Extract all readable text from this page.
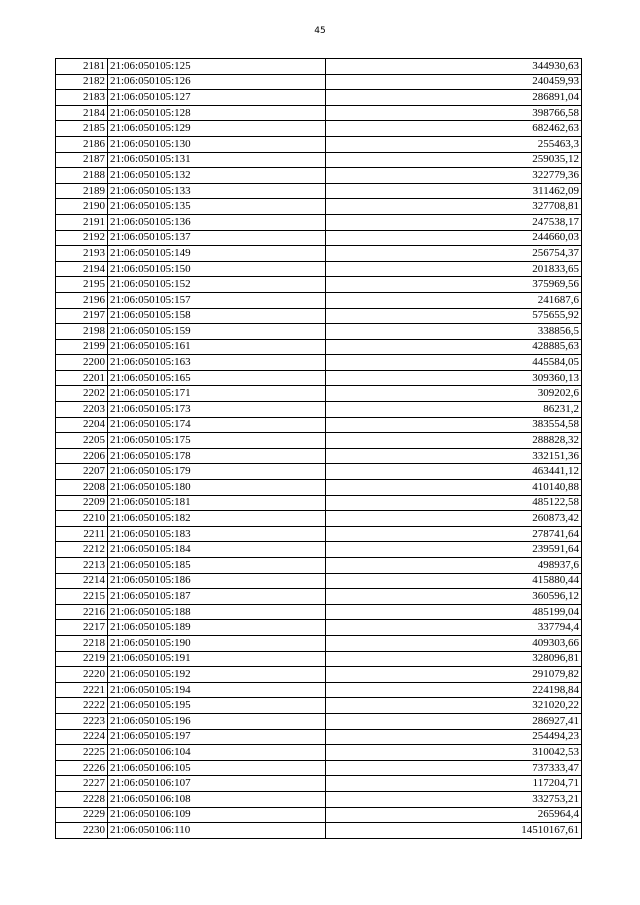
45
2181	21:06:050105:125	344930,63
2182	21:06:050105:126	240459,93
2183	21:06:050105:127	286891,04
2184	21:06:050105:128	398766,58
2185	21:06:050105:129	682462,63
2186	21:06:050105:130	255463,3
2187	21:06:050105:131	259035,12
2188	21:06:050105:132	322779,36
2189	21:06:050105:133	311462,09
2190	21:06:050105:135	327708,81
2191	21:06:050105:136	247538,17
2192	21:06:050105:137	244660,03
2193	21:06:050105:149	256754,37
2194	21:06:050105:150	201833,65
2195	21:06:050105:152	375969,56
2196	21:06:050105:157	241687,6
2197	21:06:050105:158	575655,92
2198	21:06:050105:159	338856,5
2199	21:06:050105:161	428885,63
2200	21:06:050105:163	445584,05
2201	21:06:050105:165	309360,13
2202	21:06:050105:171	309202,6
2203	21:06:050105:173	86231,2
2204	21:06:050105:174	383554,58
2205	21:06:050105:175	288828,32
2206	21:06:050105:178	332151,36
2207	21:06:050105:179	463441,12
2208	21:06:050105:180	410140,88
2209	21:06:050105:181	485122,58
2210	21:06:050105:182	260873,42
2211	21:06:050105:183	278741,64
2212	21:06:050105:184	239591,64
2213	21:06:050105:185	498937,6
2214	21:06:050105:186	415880,44
2215	21:06:050105:187	360596,12
2216	21:06:050105:188	485199,04
2217	21:06:050105:189	337794,4
2218	21:06:050105:190	409303,66
2219	21:06:050105:191	328096,81
2220	21:06:050105:192	291079,82
2221	21:06:050105:194	224198,84
2222	21:06:050105:195	321020,22
2223	21:06:050105:196	286927,41
2224	21:06:050105:197	254494,23
2225	21:06:050106:104	310042,53
2226	21:06:050106:105	737333,47
2227	21:06:050106:107	117204,71
2228	21:06:050106:108	332753,21
2229	21:06:050106:109	265964,4
2230	21:06:050106:110	14510167,61
